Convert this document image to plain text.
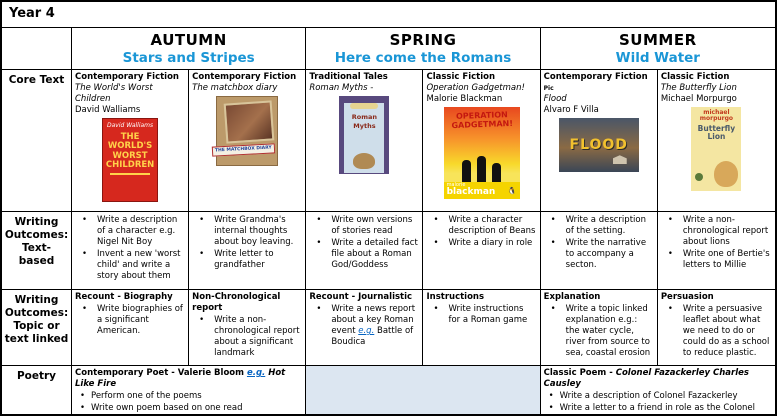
Year 4
AUTUMN
Stars and Stripes
SPRING
Here come the Romans
SUMMER
Wild Water
Core Text	Contemporary Fiction
The World's Worst Children
David Walliams
David Walliams
THE WORLD'S WORST CHILDREN
Contemporary Fiction
The matchbox diary
THE MATCHBOX DIARY
Traditional Tales
Roman Myths -
Roman Myths
Classic Fiction
Operation Gadgetman!
Malorie Blackman
OPERATION GADGETMAN!
malorie
blackman 🐧
Contemporary Fiction Pic
Flood
Alvaro F Villa
FLOOD
Classic Fiction
The Butterfly Lion
Michael Morpurgo
michael morpurgo
Butterfly Lion
Writing Outcomes: Text- based
• Write a description of a character e.g. Nigel Nit Boy
• Invent a new 'worst child' and write a story about them
• Write Grandma's internal thoughts about boy leaving.
• Write letter to grandfather
• Write own versions of stories read
• Write a detailed fact file about a Roman God/Goddess
• Write a character description of Beans
• Write a diary in role
• Write a description of the setting.
• Write the narrative to accompany a secton.
• Write a non-chronological report about lions
• Write one of Bertie's letters to Millie
Writing Outcomes: Topic or text linked
Recount - Biography
• Write biographies of a significant American.
Non-Chronological report
• Write a non-chronological report about a significant landmark
Recount - Journalistic
• Write a news report about a key Roman event e.g. Battle of Boudica
Instructions
• Write instructions for a Roman game
Explanation
• Write a topic linked explanation e.g.: the water cycle, river from source to sea, coastal erosion
Persuasion
• Write a persuasive leaflet about what we need to do or could do as a school to reduce plastic.
Poetry	Contemporary Poet - Valerie Bloom e.g. Hot Like Fire
• Perform one of the poems
• Write own poem based on one read
Classic Poem - Colonel Fazackerley Charles Causley
• Write a description of Colonel Fazackerley
• Write a letter to a friend in role as the Colonel
